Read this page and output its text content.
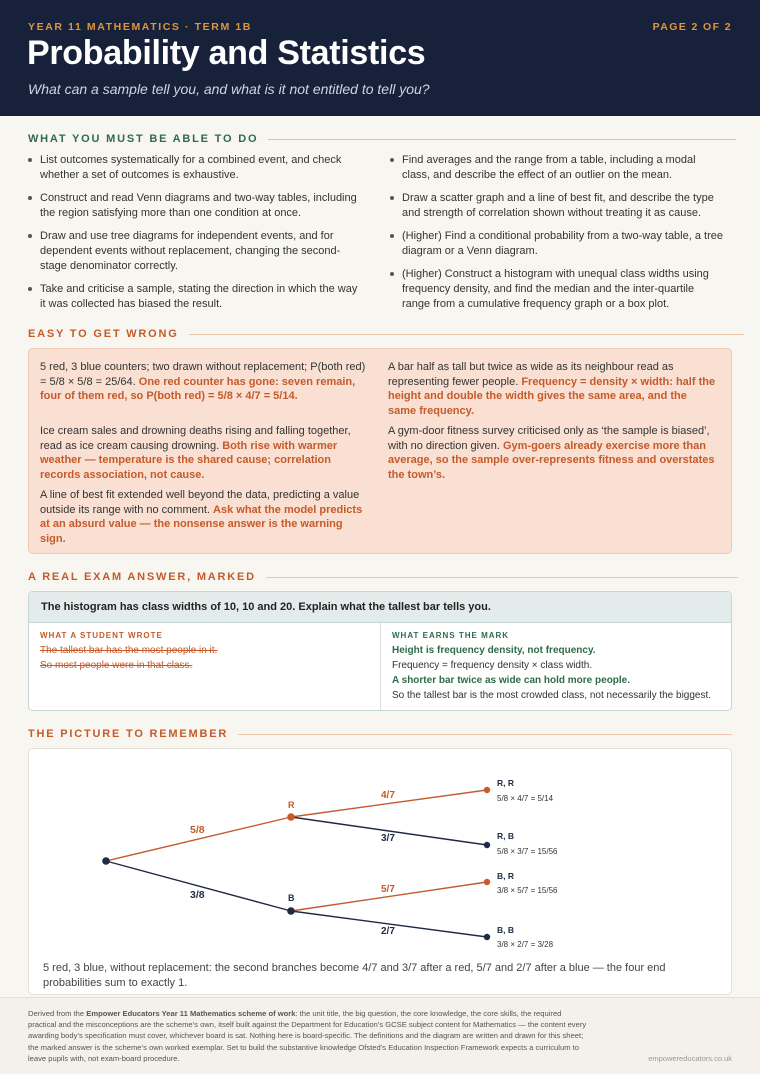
YEAR 11 MATHEMATICS · TERM 1B	PAGE 2 OF 2
Probability and Statistics
What can a sample tell you, and what is it not entitled to tell you?
WHAT YOU MUST BE ABLE TO DO
List outcomes systematically for a combined event, and check whether a set of outcomes is exhaustive.
Construct and read Venn diagrams and two-way tables, including the region satisfying more than one condition at once.
Draw and use tree diagrams for independent events, and for dependent events without replacement, changing the second-stage denominator correctly.
Take and criticise a sample, stating the direction in which the way it was collected has biased the result.
Find averages and the range from a table, including a modal class, and describe the effect of an outlier on the mean.
Draw a scatter graph and a line of best fit, and describe the type and strength of correlation shown without treating it as cause.
(Higher) Find a conditional probability from a two-way table, a tree diagram or a Venn diagram.
(Higher) Construct a histogram with unequal class widths using frequency density, and find the median and the inter-quartile range from a cumulative frequency graph or a box plot.
EASY TO GET WRONG
5 red, 3 blue counters; two drawn without replacement; P(both red) = 5/8 × 5/8 = 25/64. One red counter has gone: seven remain, four of them red, so P(both red) = 5/8 × 4/7 = 5/14.
Ice cream sales and drowning deaths rising and falling together, read as ice cream causing drowning. Both rise with warmer weather — temperature is the shared cause; correlation records association, not cause.
A line of best fit extended well beyond the data, predicting a value outside its range with no comment. Ask what the model predicts at an absurd value — the nonsense answer is the warning sign.
A bar half as tall but twice as wide as its neighbour read as representing fewer people. Frequency = density × width: half the height and double the width gives the same area, and the same frequency.
A gym-door fitness survey criticised only as ‘the sample is biased’, with no direction given. Gym-goers already exercise more than average, so the sample over-represents fitness and overstates the town’s.
A REAL EXAM ANSWER, MARKED
The histogram has class widths of 10, 10 and 20. Explain what the tallest bar tells you.
WHAT A STUDENT WROTE
The tallest bar has the most people in it.
So most people were in that class.
WHAT EARNS THE MARK
Height is frequency density, not frequency.
Frequency = frequency density × class width.
A shorter bar twice as wide can hold more people.
So the tallest bar is the most crowded class, not necessarily the biggest.
THE PICTURE TO REMEMBER
R
B
5/8
3/8
4/7
3/7
5/7
2/7
R, R
R, B
B, R
B, B
5/8 × 4/7 = 5/14
5/8 × 3/7 = 15/56
3/8 × 5/7 = 15/56
3/8 × 2/7 = 3/28
5 red, 3 blue, without replacement: the second branches become 4/7 and 3/7 after a red, 5/7 and 2/7 after a blue — the four end probabilities sum to exactly 1.

Derived from the Empower Educators Year 11 Mathematics scheme of work: the unit title, the big question, the core knowledge, the core skills, the required practical and the misconceptions are the scheme’s own, itself built against the Department for Education’s GCSE subject content for Mathematics — the content every awarding body’s specification must cover, whichever board is sat. Nothing here is board-specific. The definitions and the diagram are written and drawn for this sheet; the marked answer is the scheme’s own worked exemplar. Set to build the substantive knowledge Ofsted’s Education Inspection Framework expects a curriculum to leave pupils with, not exam-board procedure.	empowereducators.co.uk
